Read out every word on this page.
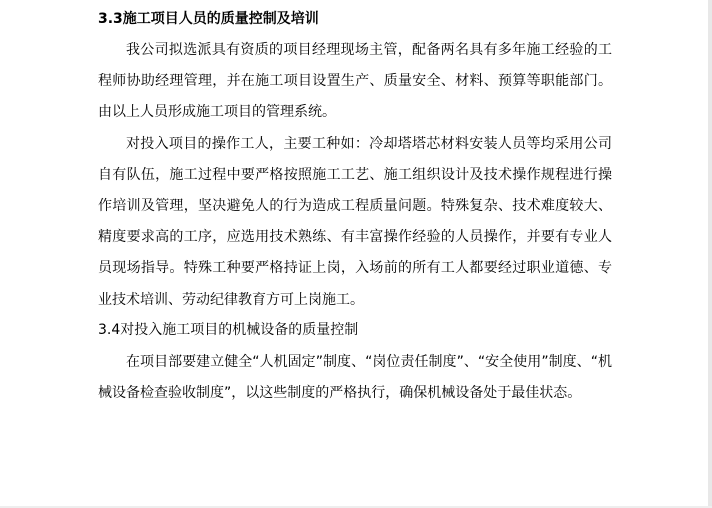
3.3施工项目人员的质量控制及培训

我公司拟选派具有资质的项目经理现场主管，配备两名具有多年施工经验的工程师协助经理管理，并在施工项目设置生产、质量安全、材料、预算等职能部门。由以上人员形成施工项目的管理系统。

对投入项目的操作工人，主要工种如：冷却塔塔芯材料安装人员等均采用公司自有队伍，施工过程中要严格按照施工工艺、施工组织设计及技术操作规程进行操作培训及管理，坚决避免人的行为造成工程质量问题。特殊复杂、技术难度较大、精度要求高的工序，应选用技术熟练、有丰富操作经验的人员操作，并要有专业人员现场指导。特殊工种要严格持证上岗，入场前的所有工人都要经过职业道德、专业技术培训、劳动纪律教育方可上岗施工。

3.4对投入施工项目的机械设备的质量控制

在项目部要建立健全“人机固定”制度、“岗位责任制度”、“安全使用”制度、“机械设备检查验收制度”，以这些制度的严格执行，确保机械设备处于最佳状态。
